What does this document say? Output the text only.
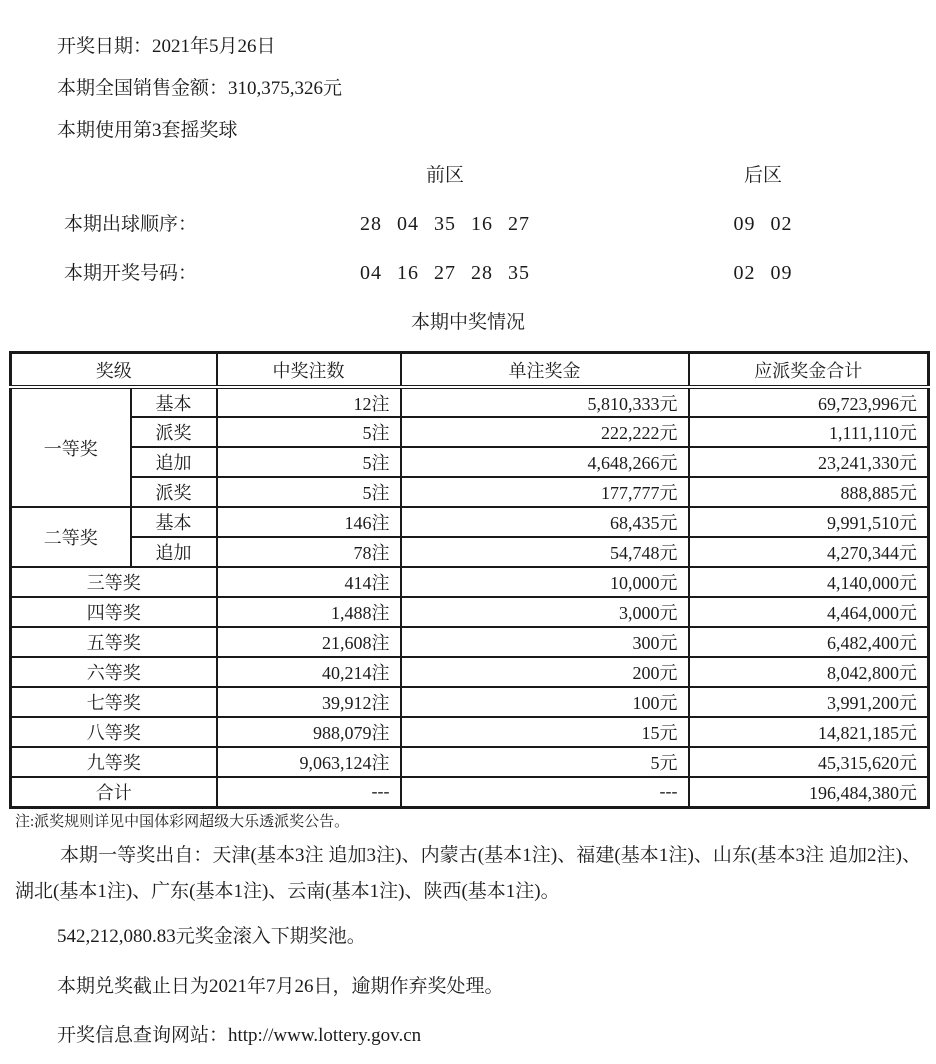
开奖日期：2021年5月26日

本期全国销售金额：310,375,326元

本期使用第3套摇奖球

前区	后区
本期出球顺序：	28 04 35 16 27	09 02
本期开奖号码：	04 16 27 28 35	02 09
本期中奖情况
奖级		中奖注数	单注奖金	应派奖金合计
一等奖	基本	12注	5,810,333元	69,723,996元
	派奖	5注	222,222元	1,111,110元
	追加	5注	4,648,266元	23,241,330元
	派奖	5注	177,777元	888,885元
二等奖	基本	146注	68,435元	9,991,510元
	追加	78注	54,748元	4,270,344元
三等奖		414注	10,000元	4,140,000元
四等奖		1,488注	3,000元	4,464,000元
五等奖		21,608注	300元	6,482,400元
六等奖		40,214注	200元	8,042,800元
七等奖		39,912注	100元	3,991,200元
八等奖		988,079注	15元	14,821,185元
九等奖		9,063,124注	5元	45,315,620元
合计		---	---	196,484,380元

注:派奖规则详见中国体彩网超级大乐透派奖公告。

本期一等奖出自：天津(基本3注 追加3注)、内蒙古(基本1注)、福建(基本1注)、山东(基本3注 追加2注)、湖北(基本1注)、广东(基本1注)、云南(基本1注)、陕西(基本1注)。

542,212,080.83元奖金滚入下期奖池。

本期兑奖截止日为2021年7月26日，逾期作弃奖处理。

开奖信息查询网站：http://www.lottery.gov.cn
